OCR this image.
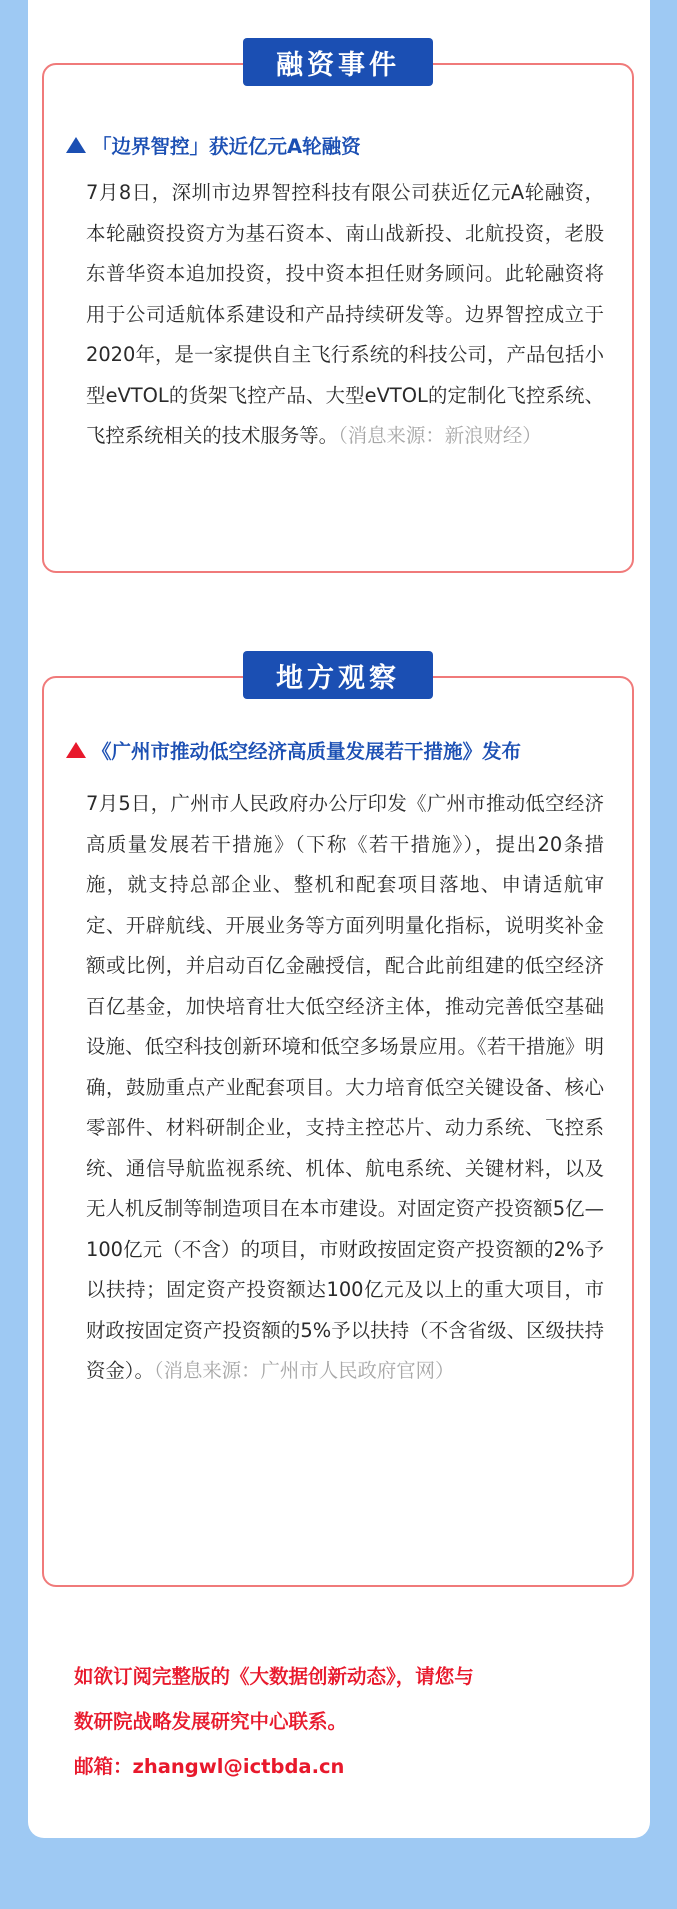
融资事件
「边界智控」获近亿元A轮融资

7月8日，深圳市边界智控科技有限公司获近亿元A轮融资，本轮融资投资方为基石资本、南山战新投、北航投资，老股东普华资本追加投资，投中资本担任财务顾问。此轮融资将用于公司适航体系建设和产品持续研发等。边界智控成立于2020年，是一家提供自主飞行系统的科技公司，产品包括小型eVTOL的货架飞控产品、大型eVTOL的定制化飞控系统、飞控系统相关的技术服务等。（消息来源：新浪财经）

地方观察
《广州市推动低空经济高质量发展若干措施》发布

7月5日，广州市人民政府办公厅印发《广州市推动低空经济高质量发展若干措施》（下称《若干措施》），提出20条措施，就支持总部企业、整机和配套项目落地、申请适航审定、开辟航线、开展业务等方面列明量化指标，说明奖补金额或比例，并启动百亿金融授信，配合此前组建的低空经济百亿基金，加快培育壮大低空经济主体，推动完善低空基础设施、低空科技创新环境和低空多场景应用。《若干措施》明确，鼓励重点产业配套项目。大力培育低空关键设备、核心零部件、材料研制企业，支持主控芯片、动力系统、飞控系统、通信导航监视系统、机体、航电系统、关键材料，以及无人机反制等制造项目在本市建设。对固定资产投资额5亿—100亿元（不含）的项目，市财政按固定资产投资额的2%予以扶持；固定资产投资额达100亿元及以上的重大项目，市财政按固定资产投资额的5%予以扶持（不含省级、区级扶持资金）。（消息来源：广州市人民政府官网）

如欲订阅完整版的《大数据创新动态》，请您与
数研院战略发展研究中心联系。
邮箱：zhangwl@ictbda.cn
